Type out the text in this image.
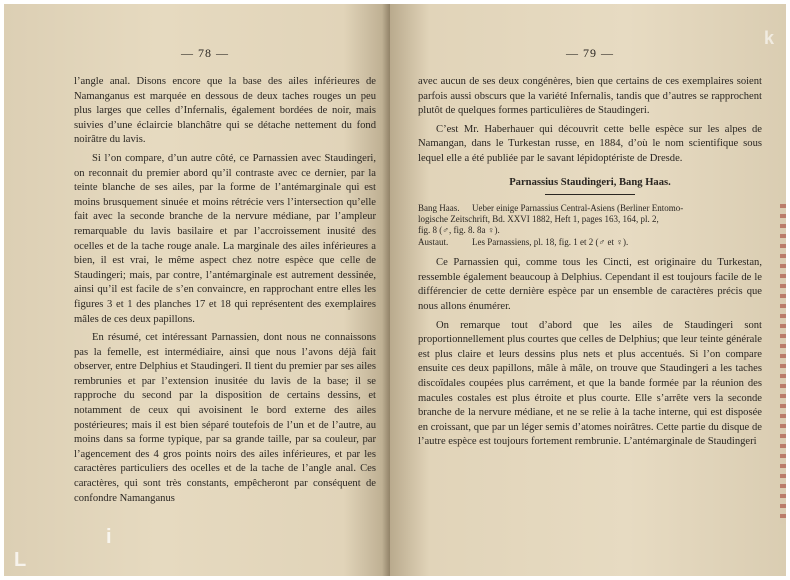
— 78 —

l’angle anal. Disons encore que la base des ailes inférieures de Namanganus est marquée en dessous de deux taches rouges un peu plus larges que celles d’Infernalis, également bordées de noir, mais suivies d’une éclaircie blanchâtre qui se détache nettement du fond noirâtre du lavis.

Si l’on compare, d’un autre côté, ce Parnassien avec Staudingeri, on reconnait du premier abord qu’il contraste avec ce dernier, par la teinte blanche de ses ailes, par la forme de l’antémarginale qui est moins brusquement sinuée et moins rétrécie vers l’intersection qu’elle fait avec la seconde branche de la nervure médiane, par l’ampleur remarquable du lavis basilaire et par l’accroissement inusité des ocelles et de la tache rouge anale. La marginale des ailes inférieures a bien, il est vrai, le même aspect chez notre espèce que celle de Staudingeri; mais, par contre, l’antémarginale est autrement dessinée, ainsi qu’il est facile de s’en convaincre, en rapprochant entre elles les figures 3 et 1 des planches 17 et 18 qui représentent des exemplaires mâles de ces deux papillons.

En résumé, cet intéressant Parnassien, dont nous ne connaissons pas la femelle, est intermédiaire, ainsi que nous l’avons déjà fait observer, entre Delphius et Staudingeri. Il tient du premier par ses ailes rembrunies et par l’extension inusitée du lavis de la base; il se rapproche du second par la disposition de certains dessins, et notamment de ceux qui avoisinent le bord externe des ailes postérieures; mais il est bien séparé toutefois de l’un et de l’autre, au moins dans sa forme typique, par sa grande taille, par sa couleur, par l’agencement des 4 gros points noirs des ailes inférieures, et par les caractères particuliers des ocelles et de la tache de l’angle anal. Ces caractères, qui sont très constants, empêcheront par conséquent de confondre Namanganus

— 79 —

avec aucun de ses deux congénères, bien que certains de ces exemplaires soient parfois aussi obscurs que la variété Infernalis, tandis que d’autres se rapprochent plutôt de quelques formes particulières de Staudingeri.

C’est Mr. Haberhauer qui découvrit cette belle espèce sur les alpes de Namangan, dans le Turkestan russe, en 1884, d’où le nom scientifique sous lequel elle a été publiée par le savant lépidoptériste de Dresde.

Parnassius Staudingeri, Bang Haas.
Bang Haas. Ueber einige Parnassius Central-Asiens (Berliner Entomo-
logische Zeitschrift, Bd. XXVI 1882, Heft 1, pages 163, 164, pl. 2,
fig. 8 (♂, fig. 8. 8a ♀).
Austaut.	Les Parnassiens, pl. 18, fig. 1 et 2 (♂ et ♀).

Ce Parnassien qui, comme tous les Cincti, est originaire du Turkestan, ressemble également beaucoup à Delphius. Cependant il est toujours facile de le différencier de cette dernière espèce par un ensemble de caractères précis que nous allons énumérer.

On remarque tout d’abord que les ailes de Staudingeri sont proportionnellement plus courtes que celles de Delphius; que leur teinte générale est plus claire et leurs dessins plus nets et plus accentués. Si l’on compare ensuite ces deux papillons, mâle à mâle, on trouve que Staudingeri a les taches discoïdales coupées plus carrément, et que la bande formée par la réunion des macules costales est plus étroite et plus courte. Elle s’arrête vers la seconde branche de la nervure médiane, et ne se relie à la tache interne, qui est disposée en croissant, que par un léger semis d’atomes noirâtres. Cette partie du disque de l’autre espèce est toujours fortement rembrunie. L’antémarginale de Staudingeri

L
i
k
